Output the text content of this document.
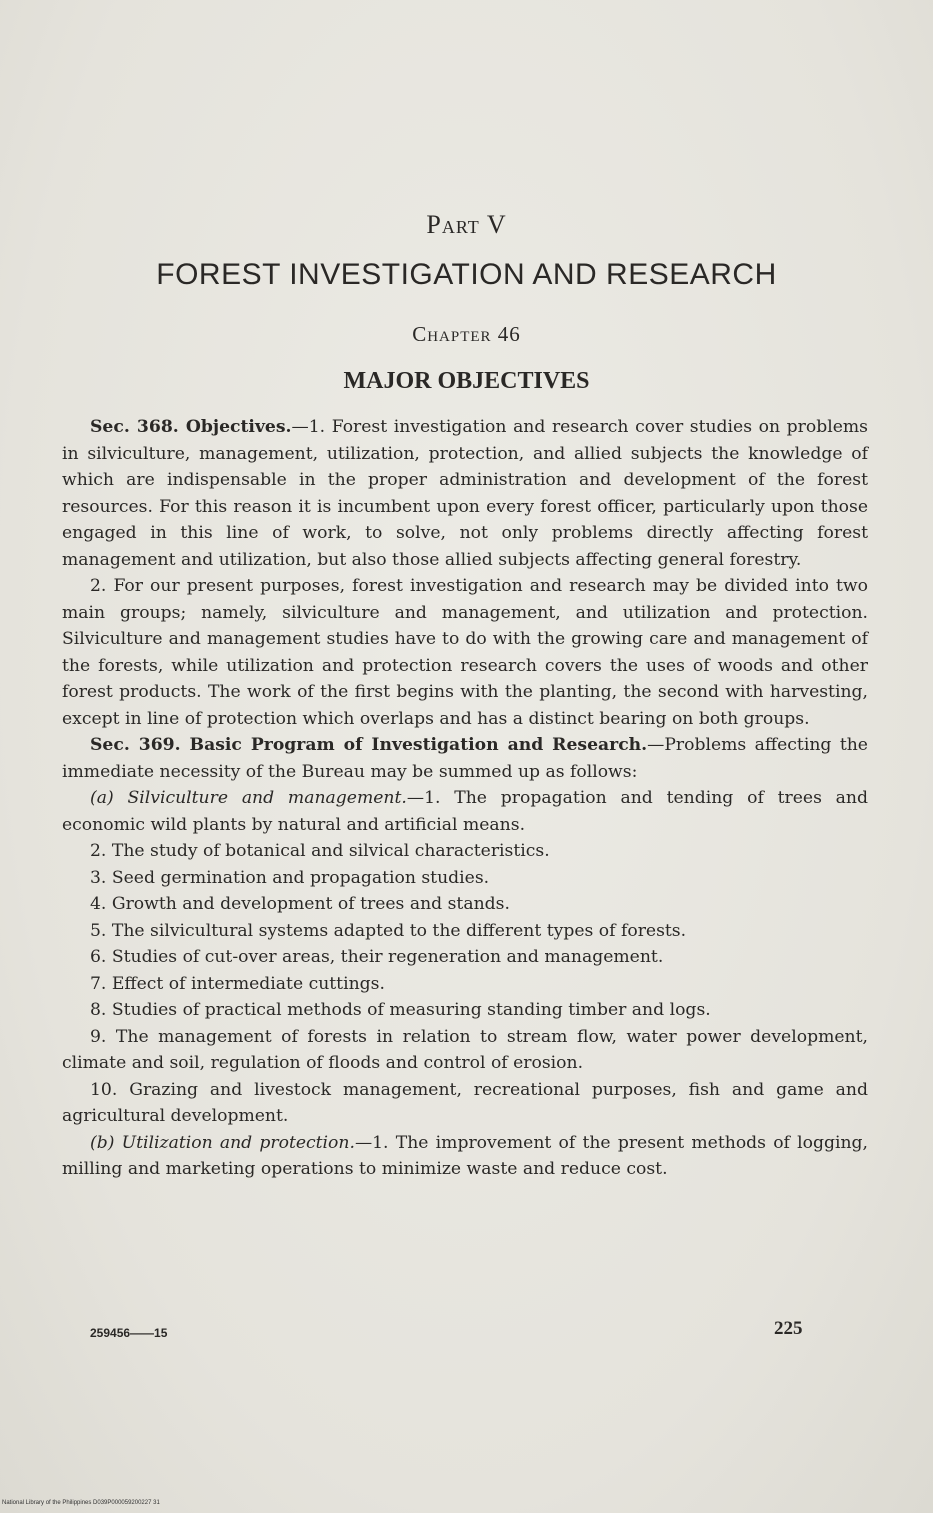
Part V
FOREST INVESTIGATION AND RESEARCH
Chapter 46
MAJOR OBJECTIVES

Sec. 368. Objectives.—1. Forest investigation and research cover studies on problems in silviculture, management, utilization, protection, and allied subjects the knowledge of which are indispensable in the proper administration and development of the forest resources. For this reason it is incumbent upon every forest officer, particularly upon those engaged in this line of work, to solve, not only problems directly affecting forest management and utilization, but also those allied subjects affecting general forestry.

2. For our present purposes, forest investigation and research may be divided into two main groups; namely, silviculture and management, and utilization and protection. Silviculture and management studies have to do with the growing care and management of the forests, while utilization and protection research covers the uses of woods and other forest products. The work of the first begins with the planting, the second with harvesting, except in line of protection which overlaps and has a distinct bearing on both groups.

Sec. 369. Basic Program of Investigation and Research.—Problems affecting the immediate necessity of the Bureau may be summed up as follows:

(a) Silviculture and management.—1. The propagation and tending of trees and economic wild plants by natural and artificial means.

2. The study of botanical and silvical characteristics.

3. Seed germination and propagation studies.

4. Growth and development of trees and stands.

5. The silvicultural systems adapted to the different types of forests.

6. Studies of cut-over areas, their regeneration and management.

7. Effect of intermediate cuttings.

8. Studies of practical methods of measuring standing timber and logs.

9. The management of forests in relation to stream flow, water power development, climate and soil, regulation of floods and control of erosion.

10. Grazing and livestock management, recreational purposes, fish and game and agricultural development.

(b) Utilization and protection.—1. The improvement of the present methods of logging, milling and marketing operations to minimize waste and reduce cost.

259456——15	225
National Library of the Philippines D039P000059200227 31
